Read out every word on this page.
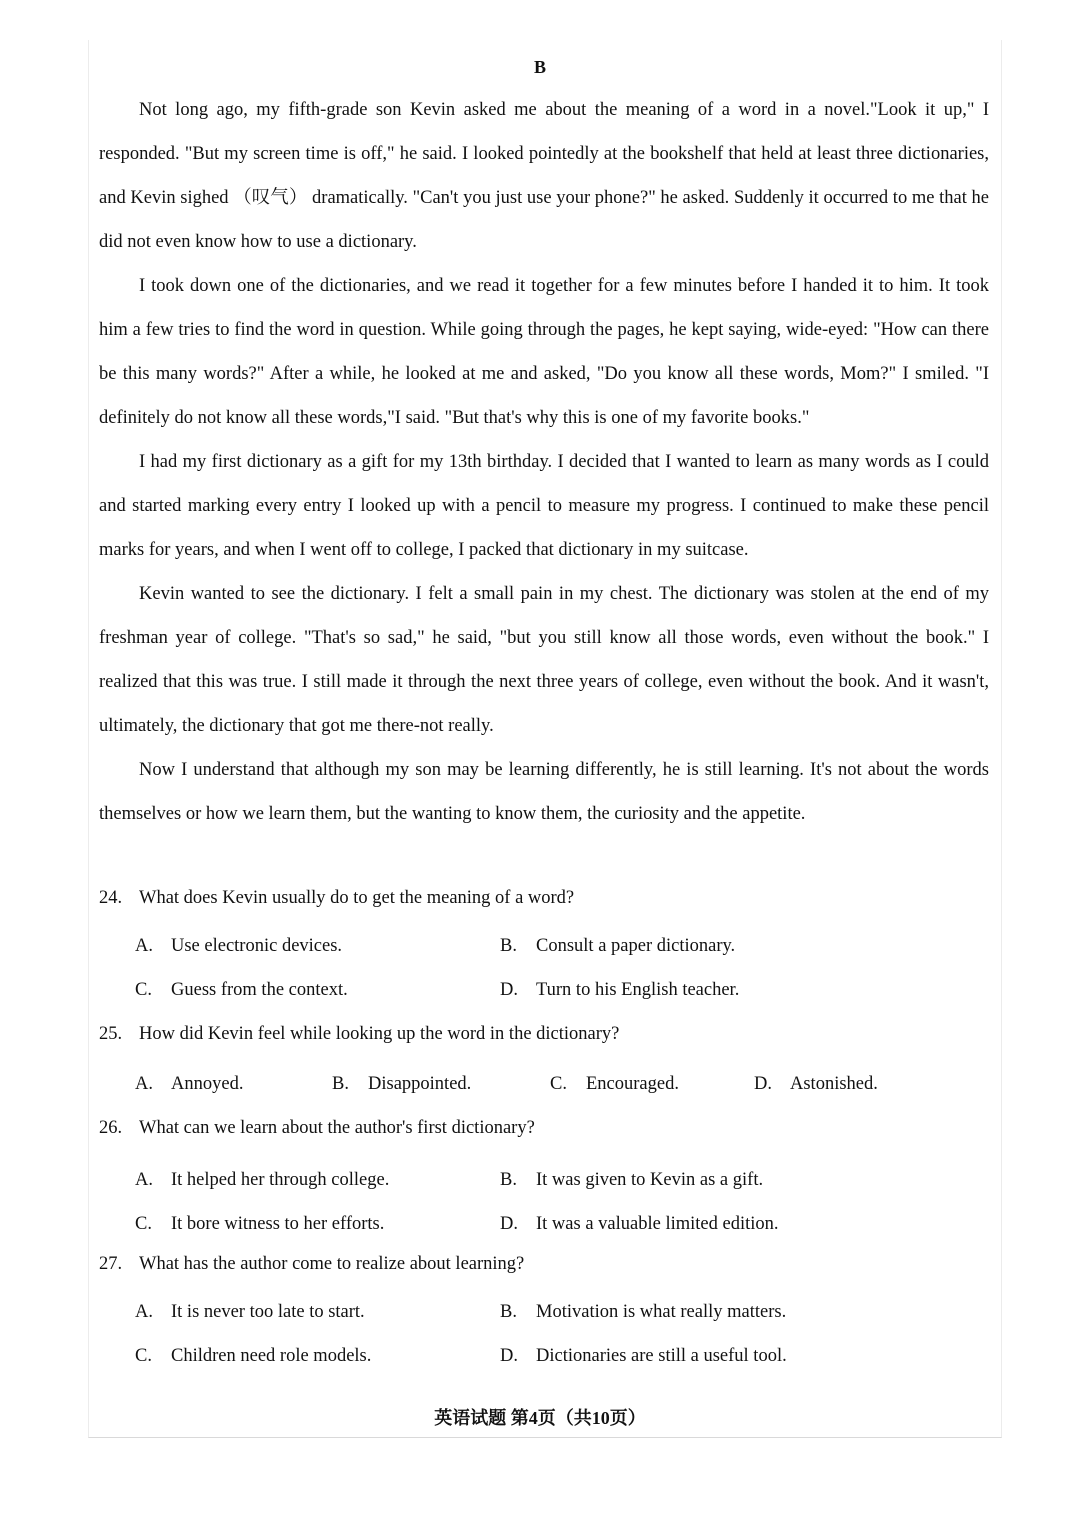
B

Not long ago, my fifth-grade son Kevin asked me about the meaning of a word in a novel."Look it up," I responded. "But my screen time is off," he said. I looked pointedly at the bookshelf that held at least three dictionaries, and Kevin sighed （叹气） dramatically. "Can't you just use your phone?" he asked. Suddenly it occurred to me that he did not even know how to use a dictionary.

I took down one of the dictionaries, and we read it together for a few minutes before I handed it to him. It took him a few tries to find the word in question. While going through the pages, he kept saying, wide-eyed: "How can there be this many words?" After a while, he looked at me and asked, "Do you know all these words, Mom?" I smiled. "I definitely do not know all these words,"I said. "But that's why this is one of my favorite books."

I had my first dictionary as a gift for my 13th birthday. I decided that I wanted to learn as many words as I could and started marking every entry I looked up with a pencil to measure my progress. I continued to make these pencil marks for years, and when I went off to college, I packed that dictionary in my suitcase.

Kevin wanted to see the dictionary. I felt a small pain in my chest. The dictionary was stolen at the end of my freshman year of college. "That's so sad," he said, "but you still know all those words, even without the book." I realized that this was true. I still made it through the next three years of college, even without the book. And it wasn't, ultimately, the dictionary that got me there-not really.

Now I understand that although my son may be learning differently, he is still learning. It's not about the words themselves or how we learn them, but the wanting to know them, the curiosity and the appetite.

24. What does Kevin usually do to get the meaning of a word?
A. Use electronic devices.	B.	Consult a paper dictionary.
C.	Guess from the context.	D. Turn to his English teacher.
25. How did Kevin feel while looking up the word in the dictionary?
A. Annoyed.	B.	Disappointed.	C.	Encouraged.	D. Astonished.
26. What can we learn about the author's first dictionary?
A. It helped her through college.	B.	It was given to Kevin as a gift.
C.	It bore witness to her efforts.	D. It was a valuable limited edition.
27. What has the author come to realize about learning?
A. It is never too late to start.	B.	Motivation is what really matters.
C.	Children need role models.	D. Dictionaries are still a useful tool.
英语试题 第4页（共10页）
